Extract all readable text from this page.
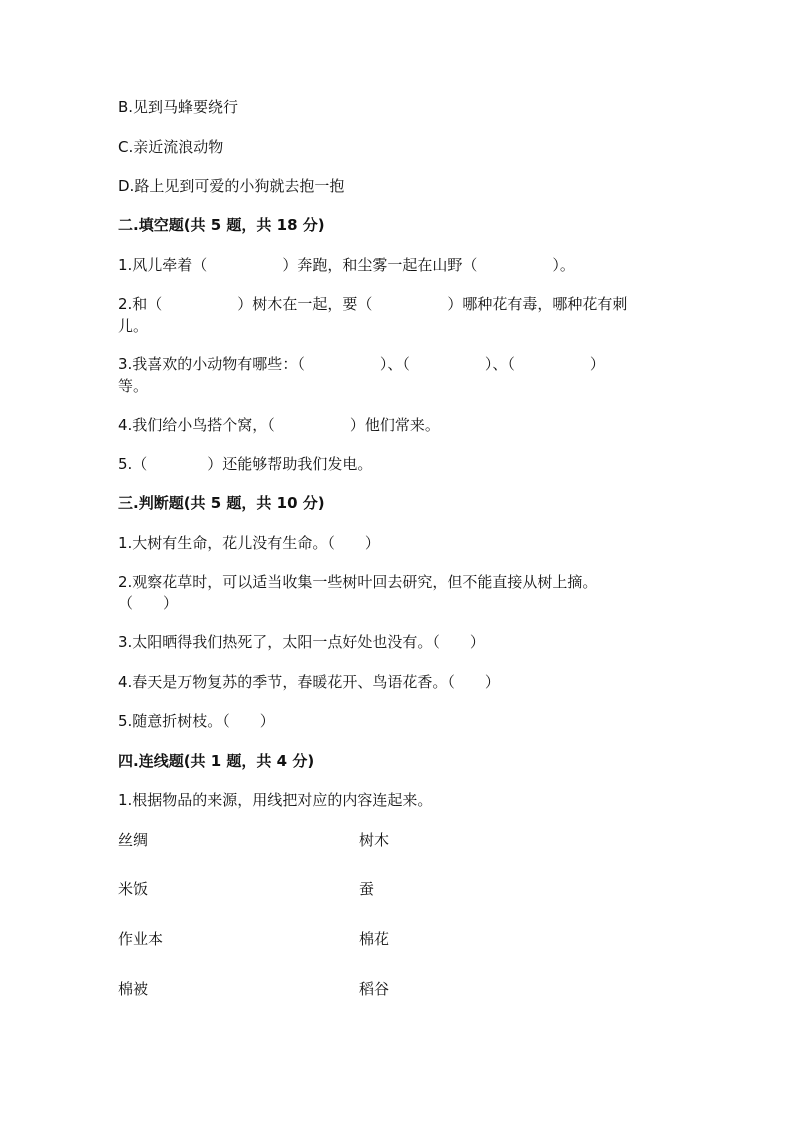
B.见到马蜂要绕行
C.亲近流浪动物
D.路上见到可爱的小狗就去抱一抱
二.填空题(共 5 题，共 18 分)
1.风儿牵着（　　　　　）奔跑，和尘雾一起在山野（　　　　　）。
2.和（　　　　　）树木在一起，要（　　　　　）哪种花有毒，哪种花有刺
儿。
3.我喜欢的小动物有哪些：（　　　　　）、（　　　　　）、（　　　　　）
等。
4.我们给小鸟搭个窝，（　　　　　）他们常来。
5.（　　　　）还能够帮助我们发电。
三.判断题(共 5 题，共 10 分)
1.大树有生命，花儿没有生命。（　　）
2.观察花草时，可以适当收集一些树叶回去研究，但不能直接从树上摘。
（　　）
3.太阳晒得我们热死了，太阳一点好处也没有。（　　）
4.春天是万物复苏的季节，春暖花开、鸟语花香。（　　）
5.随意折树枝。（　　）
四.连线题(共 1 题，共 4 分)
1.根据物品的来源，用线把对应的内容连起来。
丝绸	树木
米饭	蚕
作业本	棉花
棉被	稻谷
